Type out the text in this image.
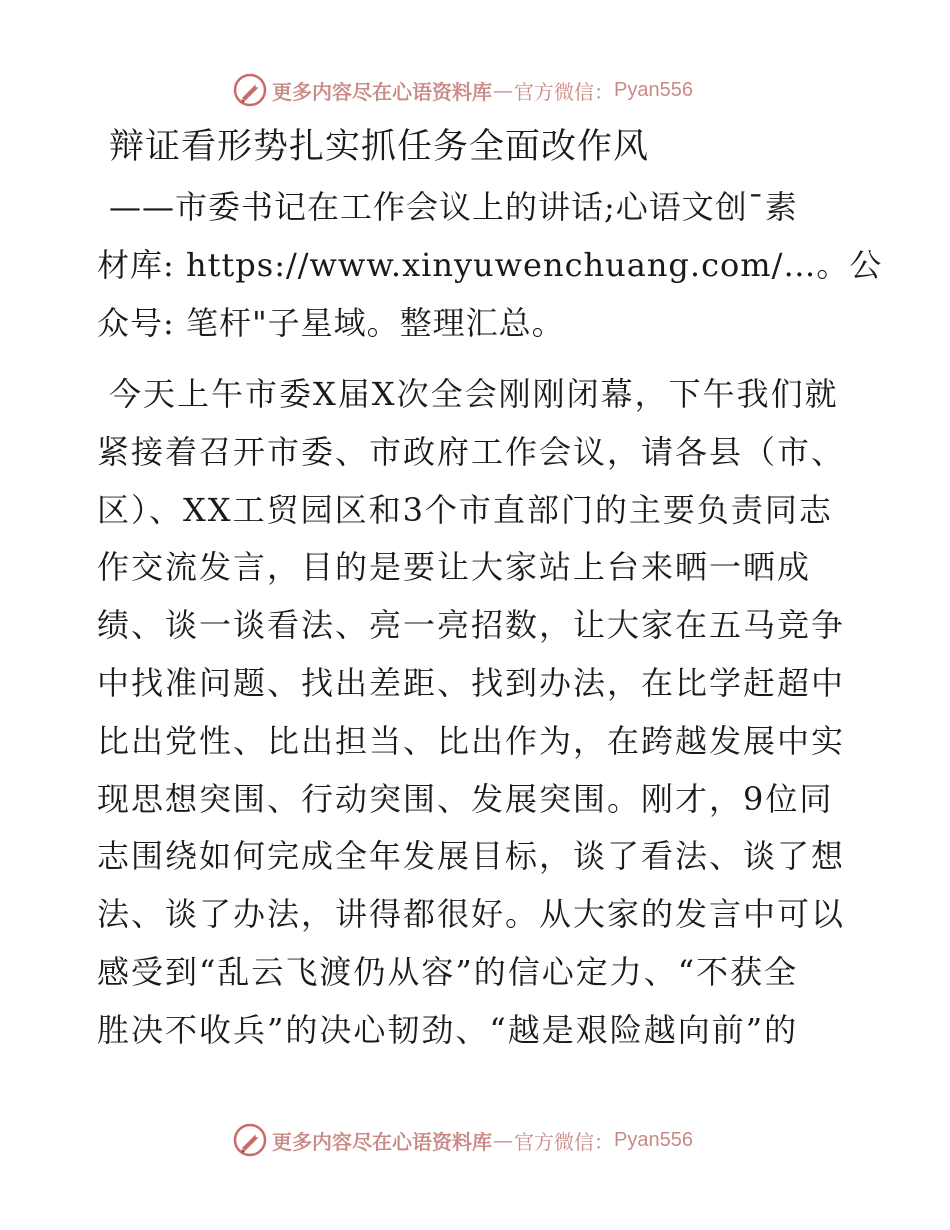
更多内容尽在心语资料库 — 官方微信： Pyan556
辩证看形势扎实抓任务全面改作风

——市委书记在工作会议上的讲话;心语文创¯素
材库: https://www.xinyuwenchuang.com/…。公
众号: 笔杆"子星域。整理汇总。

今天上午市委X届X次全会刚刚闭幕，下午我们就
紧接着召开市委、市政府工作会议，请各县（市、
区）、XX工贸园区和3个市直部门的主要负责同志
作交流发言，目的是要让大家站上台来晒一晒成
绩、谈一谈看法、亮一亮招数，让大家在五马竞争
中找准问题、找出差距、找到办法，在比学赶超中
比出党性、比出担当、比出作为，在跨越发展中实
现思想突围、行动突围、发展突围。刚才，9位同
志围绕如何完成全年发展目标，谈了看法、谈了想
法、谈了办法，讲得都很好。从大家的发言中可以
感受到“乱云飞渡仍从容”的信心定力、“不获全
胜决不收兵”的决心韧劲、“越是艰险越向前”的

更多内容尽在心语资料库 — 官方微信： Pyan556
